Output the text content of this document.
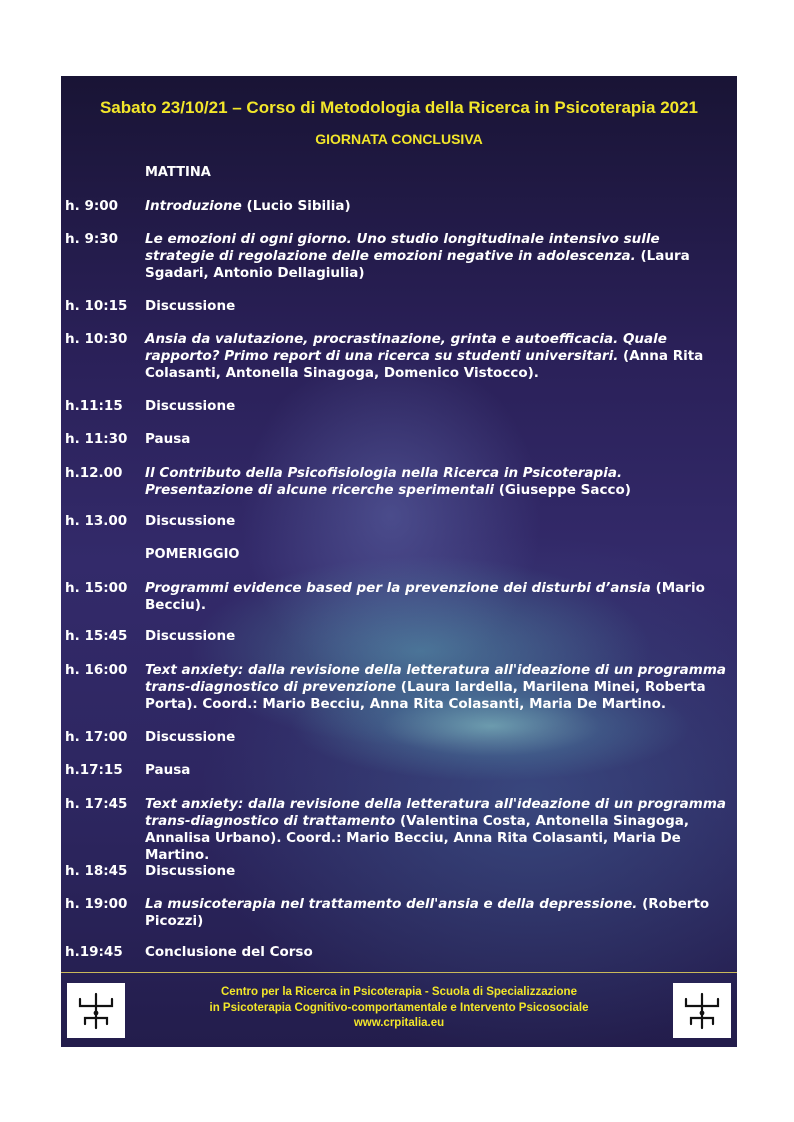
Sabato 23/10/21 – Corso di Metodologia della Ricerca in Psicoterapia 2021
GIORNATA CONCLUSIVA
MATTINA
h. 9:00	Introduzione (Lucio Sibilia)
h. 9:30	Le emozioni di ogni giorno. Uno studio longitudinale intensivo sulle strategie di regolazione delle emozioni negative in adolescenza. (Laura Sgadari, Antonio Dellagiulia)
h. 10:15	Discussione
h. 10:30	Ansia da valutazione, procrastinazione, grinta e autoefficacia. Quale rapporto? Primo report di una ricerca su studenti universitari. (Anna Rita Colasanti, Antonella Sinagoga, Domenico Vistocco).
h.11:15	Discussione
h. 11:30	Pausa
h.12.00	Il Contributo della Psicofisiologia nella Ricerca in Psicoterapia. Presentazione di alcune ricerche sperimentali (Giuseppe Sacco)
h. 13.00	Discussione
POMERIGGIO
h. 15:00	Programmi evidence based per la prevenzione dei disturbi d’ansia (Mario Becciu).
h. 15:45	Discussione
h. 16:00	Text anxiety: dalla revisione della letteratura all'ideazione di un programma trans-diagnostico di prevenzione (Laura Iardella, Marilena Minei, Roberta Porta). Coord.: Mario Becciu, Anna Rita Colasanti, Maria De Martino.
h. 17:00	Discussione
h.17:15	Pausa
h. 17:45	Text anxiety: dalla revisione della letteratura all'ideazione di un programma trans-diagnostico di trattamento (Valentina Costa, Antonella Sinagoga, Annalisa Urbano). Coord.: Mario Becciu, Anna Rita Colasanti, Maria De Martino.
h. 18:45	Discussione
h. 19:00	La musicoterapia nel trattamento dell'ansia e della depressione. (Roberto Picozzi)
h.19:45	Conclusione del Corso
Centro per la Ricerca in Psicoterapia - Scuola di Specializzazione
in Psicoterapia Cognitivo-comportamentale e Intervento Psicosociale
www.crpitalia.eu
